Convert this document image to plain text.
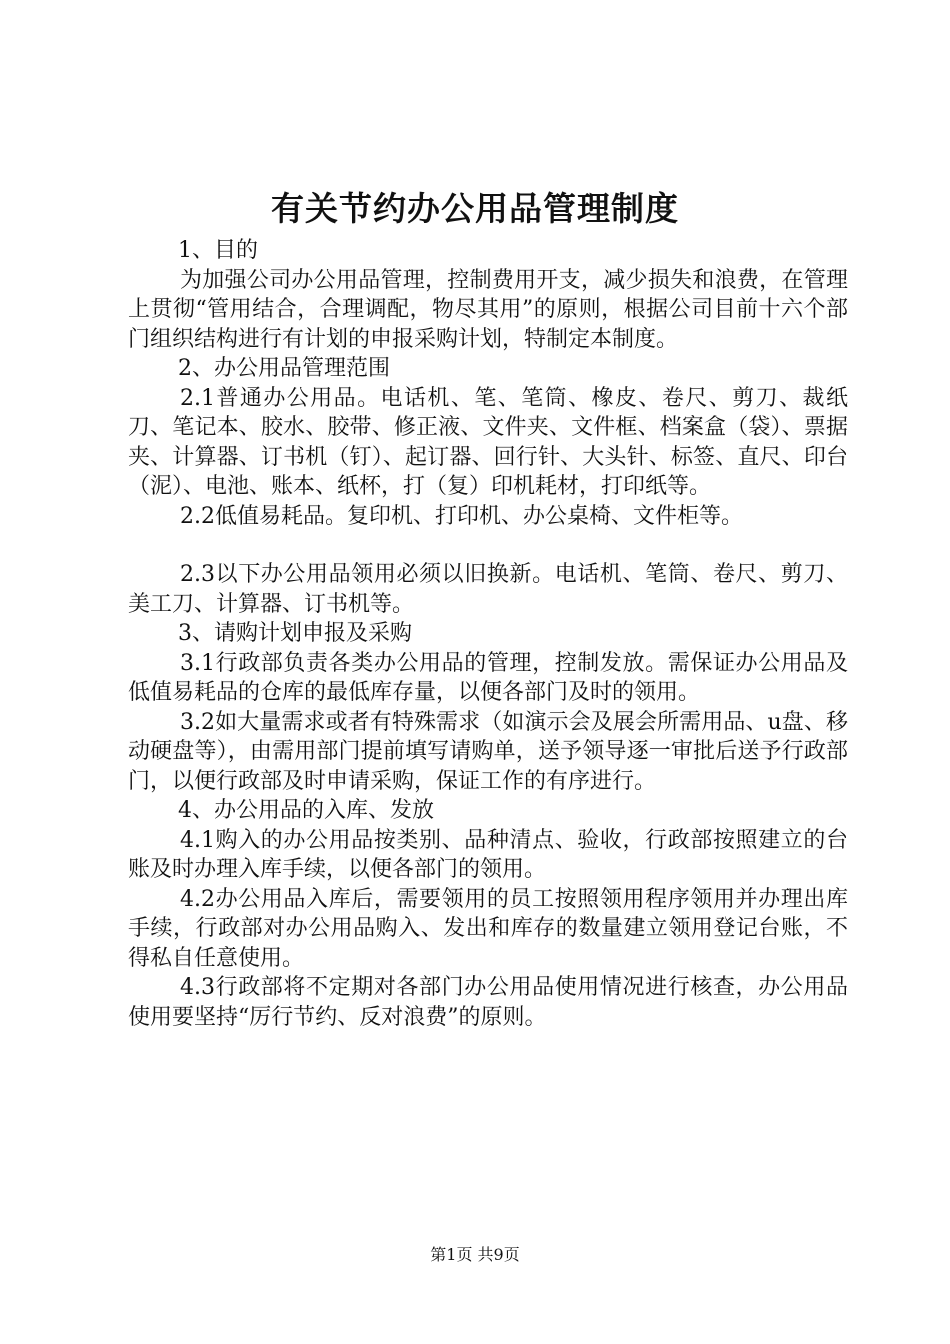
有关节约办公用品管理制度

1、目的

为加强公司办公用品管理，控制费用开支，减少损失和浪费，在管理上贯彻“管用结合，合理调配，物尽其用”的原则，根据公司目前十六个部门组织结构进行有计划的申报采购计划，特制定本制度。

2、办公用品管理范围

2.1普通办公用品。电话机、笔、笔筒、橡皮、卷尺、剪刀、裁纸刀、笔记本、胶水、胶带、修正液、文件夹、文件框、档案盒（袋）、票据夹、计算器、订书机（钉）、起订器、回行针、大头针、标签、直尺、印台（泥）、电池、账本、纸杯，打（复）印机耗材，打印纸等。

2.2低值易耗品。复印机、打印机、办公桌椅、文件柜等。

2.3以下办公用品领用必须以旧换新。电话机、笔筒、卷尺、剪刀、美工刀、计算器、订书机等。

3、请购计划申报及采购

3.1行政部负责各类办公用品的管理，控制发放。需保证办公用品及低值易耗品的仓库的最低库存量，以便各部门及时的领用。

3.2如大量需求或者有特殊需求（如演示会及展会所需用品、u盘、移动硬盘等），由需用部门提前填写请购单，送予领导逐一审批后送予行政部门，以便行政部及时申请采购，保证工作的有序进行。

4、办公用品的入库、发放

4.1购入的办公用品按类别、品种清点、验收，行政部按照建立的台账及时办理入库手续，以便各部门的领用。

4.2办公用品入库后，需要领用的员工按照领用程序领用并办理出库手续，行政部对办公用品购入、发出和库存的数量建立领用登记台账，不得私自任意使用。

4.3行政部将不定期对各部门办公用品使用情况进行核查，办公用品使用要坚持“厉行节约、反对浪费”的原则。

第1页 共9页
